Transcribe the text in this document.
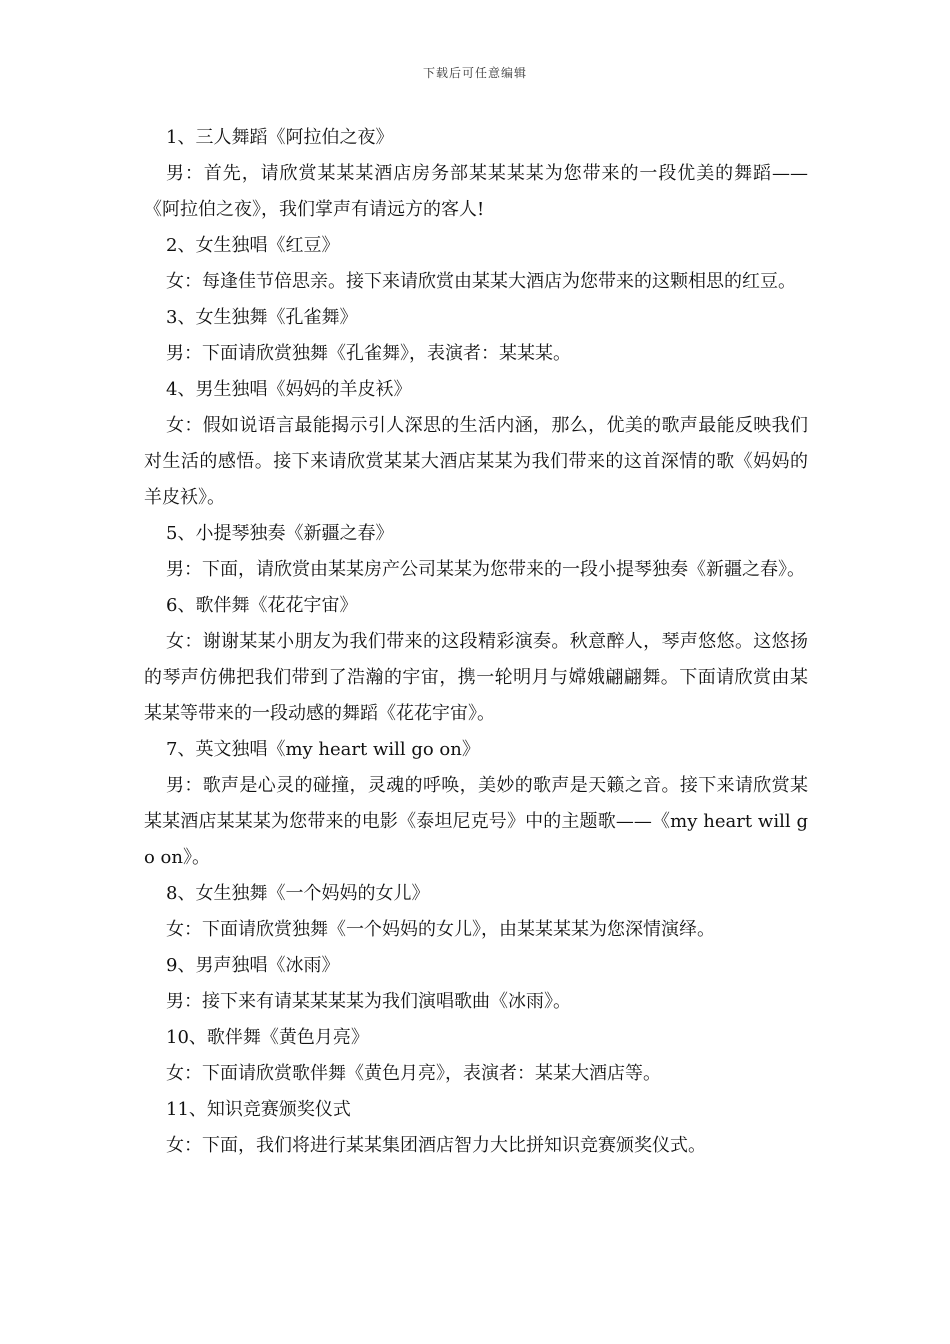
下载后可任意编辑

1、三人舞蹈《阿拉伯之夜》

男：首先，请欣赏某某某酒店房务部某某某某为您带来的一段优美的舞蹈——《阿拉伯之夜》，我们掌声有请远方的客人!

2、女生独唱《红豆》

女：每逢佳节倍思亲。接下来请欣赏由某某大酒店为您带来的这颗相思的红豆。

3、女生独舞《孔雀舞》

男：下面请欣赏独舞《孔雀舞》，表演者：某某某。

4、男生独唱《妈妈的羊皮袄》

女：假如说语言最能揭示引人深思的生活内涵，那么，优美的歌声最能反映我们对生活的感悟。接下来请欣赏某某大酒店某某为我们带来的这首深情的歌《妈妈的羊皮袄》。

5、小提琴独奏《新疆之春》

男：下面，请欣赏由某某房产公司某某为您带来的一段小提琴独奏《新疆之春》。

6、歌伴舞《花花宇宙》

女：谢谢某某小朋友为我们带来的这段精彩演奏。秋意醉人，琴声悠悠。这悠扬的琴声仿佛把我们带到了浩瀚的宇宙，携一轮明月与嫦娥翩翩舞。下面请欣赏由某某某等带来的一段动感的舞蹈《花花宇宙》。

7、英文独唱《my heart will go on》

男：歌声是心灵的碰撞，灵魂的呼唤，美妙的歌声是天籁之音。接下来请欣赏某某某酒店某某某为您带来的电影《泰坦尼克号》中的主题歌——《my heart will go on》。

8、女生独舞《一个妈妈的女儿》

女：下面请欣赏独舞《一个妈妈的女儿》，由某某某某为您深情演绎。

9、男声独唱《冰雨》

男：接下来有请某某某某为我们演唱歌曲《冰雨》。

10、歌伴舞《黄色月亮》

女：下面请欣赏歌伴舞《黄色月亮》，表演者：某某大酒店等。

11、知识竞赛颁奖仪式

女：下面，我们将进行某某集团酒店智力大比拼知识竞赛颁奖仪式。
